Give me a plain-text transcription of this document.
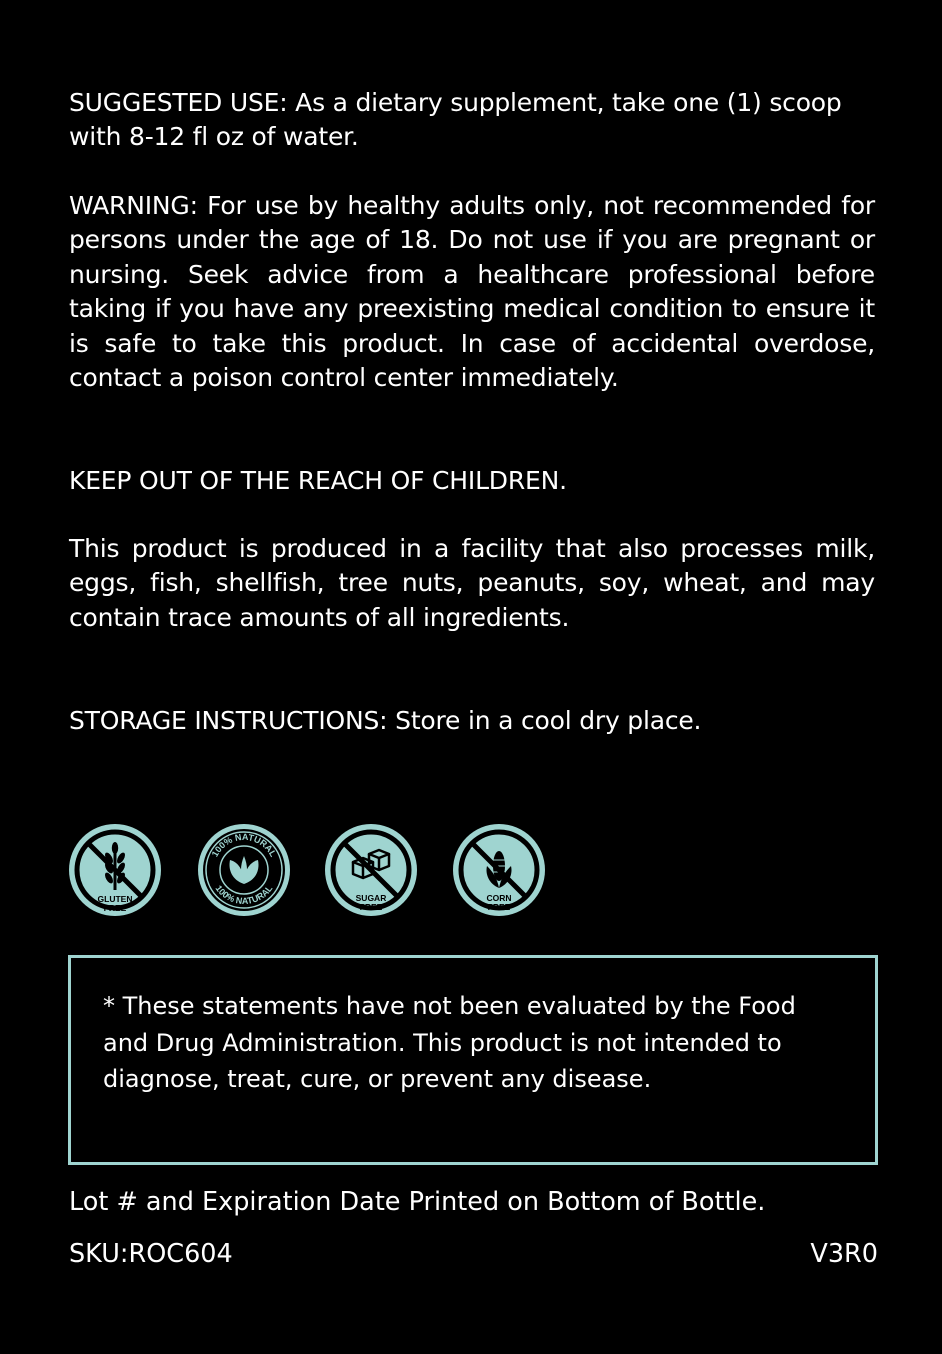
SUGGESTED USE: As a dietary supplement, take one (1) scoop with 8-12 fl oz of water.

WARNING: For use by healthy adults only, not recommended for persons under the age of 18. Do not use if you are pregnant or nursing. Seek advice from a healthcare professional before taking if you have any preexisting medical condition to ensure it is safe to take this product. In case of accidental overdose, contact a poison control center immediately.

KEEP OUT OF THE REACH OF CHILDREN.

This product is produced in a facility that also processes milk, eggs, fish, shellfish, tree nuts, peanuts, soy, wheat, and may contain trace amounts of all ingredients.

STORAGE INSTRUCTIONS: Store in a cool dry place.

GLUTEN
FREE
100% NATURAL
100% NATURAL
SUGAR
FREE
CORN
FREE

* These statements have not been evaluated by the Food and Drug Administration. This product is not intended to diagnose, treat, cure, or prevent any disease.

Lot # and Expiration Date Printed on Bottom of Bottle.
SKU:ROC604	V3R0
